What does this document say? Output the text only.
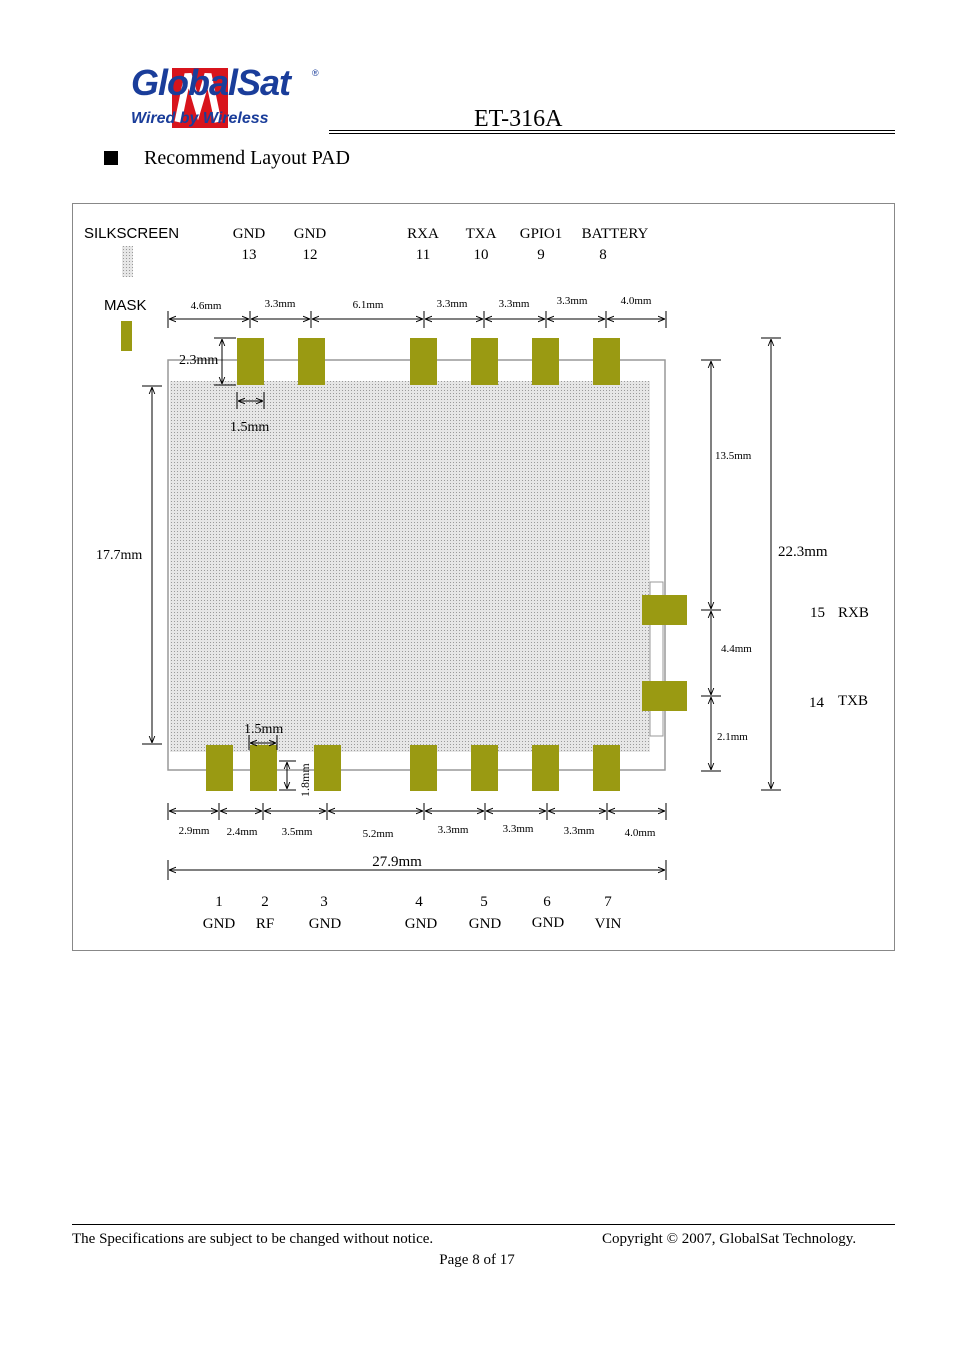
GlobalSat ®
Wired by Wireless	ET-316A
Recommend Layout PAD
SILKSCREEN
MASK
GND
13
GND
12
RXA
11
TXA
10
GPIO1
9
BATTERY
8
4.6mm	3.3mm	6.1mm	3.3mm	3.3mm 3.3mm	4.0mm
2.3mm
1.5mm
17.7mm
1.5mm
1.8mm
2.9mm 2.4mm 3.5mm	5.2mm	3.3mm	3.3mm	3.3mm	4.0mm
27.9mm
1
GND
2
RF
3
GND
4
GND
5
GND
6
GND
7
VIN
13.5mm
4.4mm
2.1mm
22.3mm
15 RXB
14 TXB
The Specifications are subject to be changed without notice.	Copyright © 2007, GlobalSat Technology.
Page 8 of 17
